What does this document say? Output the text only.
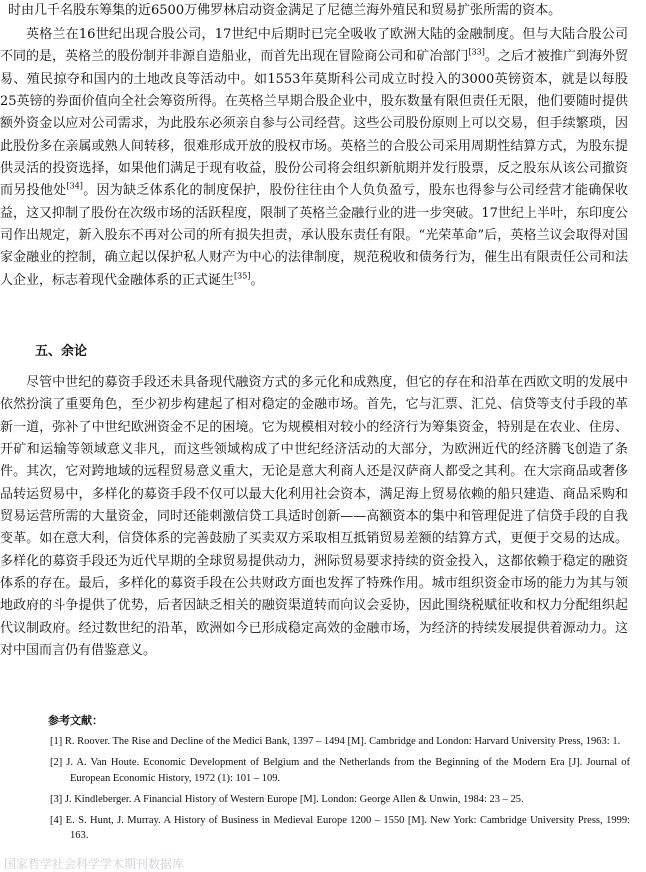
时由几千名股东筹集的近6500万佛罗林启动资金满足了尼德兰海外殖民和贸易扩张所需的资本。

英格兰在16世纪出现合股公司，17世纪中后期时已完全吸收了欧洲大陆的金融制度。但与大陆合股公司不同的是，英格兰的股份制并非源自造船业，而首先出现在冒险商公司和矿冶部门[33]。之后才被推广到海外贸易、殖民掠夺和国内的土地改良等活动中。如1553年莫斯科公司成立时投入的3000英镑资本，就是以每股25英镑的券面价值向全社会筹资所得。在英格兰早期合股企业中，股东数量有限但责任无限，他们要随时提供额外资金以应对公司需求，为此股东必须亲自参与公司经营。这些公司股份原则上可以交易，但手续繁琐，因此股份多在亲属或熟人间转移，很难形成开放的股权市场。英格兰的合股公司采用周期性结算方式，为股东提供灵活的投资选择，如果他们满足于现有收益，股份公司将会组织新航期并发行股票，反之股东从该公司撤资而另投他处[34]。因为缺乏体系化的制度保护，股份往往由个人负负盈亏，股东也得参与公司经营才能确保收益，这又抑制了股份在次级市场的活跃程度，限制了英格兰金融行业的进一步突破。17世纪上半叶，东印度公司作出规定，新入股东不再对公司的所有损失担责，承认股东责任有限。“光荣革命”后，英格兰议会取得对国家金融业的控制，确立起以保护私人财产为中心的法律制度，规范税收和债务行为，催生出有限责任公司和法人企业，标志着现代金融体系的正式诞生[35]。

五、余论

尽管中世纪的募资手段还未具备现代融资方式的多元化和成熟度，但它的存在和沿革在西欧文明的发展中依然扮演了重要角色，至少初步构建起了相对稳定的金融市场。首先，它与汇票、汇兑、信贷等支付手段的革新一道，弥补了中世纪欧洲资金不足的困境。它为规模相对较小的经济行为筹集资金，特别是在农业、住房、开矿和运输等领域意义非凡，而这些领域构成了中世纪经济活动的大部分，为欧洲近代的经济腾飞创造了条件。其次，它对跨地域的远程贸易意义重大，无论是意大利商人还是汉萨商人都受之其利。在大宗商品或奢侈品转运贸易中，多样化的募资手段不仅可以最大化利用社会资本，满足海上贸易依赖的船只建造、商品采购和贸易运营所需的大量资金，同时还能刺激信贷工具适时创新——高额资本的集中和管理促进了信贷手段的自我变革。如在意大利，信贷体系的完善鼓励了买卖双方采取相互抵销贸易差额的结算方式，更便于交易的达成。多样化的募资手段还为近代早期的全球贸易提供动力，洲际贸易要求持续的资金投入，这都依赖于稳定的融资体系的存在。最后，多样化的募资手段在公共财政方面也发挥了特殊作用。城市组织资金市场的能力为其与领地政府的斗争提供了优势，后者因缺乏相关的融资渠道转而向议会妥协，因此围绕税赋征收和权力分配组织起代议制政府。经过数世纪的沿革，欧洲如今已形成稳定高效的金融市场，为经济的持续发展提供着源动力。这对中国而言仍有借鉴意义。

参考文献：

[1] R. Roover. The Rise and Decline of the Medici Bank, 1397 – 1494 [M]. Cambridge and London: Harvard University Press, 1963: 1.

[2] J. A. Van Houte. Economic Development of Belgium and the Netherlands from the Beginning of the Modern Era [J]. Journal of European Economic History, 1972 (1): 101 – 109.

[3] J. Kindleberger. A Financial History of Western Europe [M]. London: George Allen & Unwin, 1984: 23 – 25.

[4] E. S. Hunt, J. Murray. A History of Business in Medieval Europe 1200 – 1550 [M]. New York: Cambridge University Press, 1999: 163.

国家哲学社会科学学术期刊数据库
